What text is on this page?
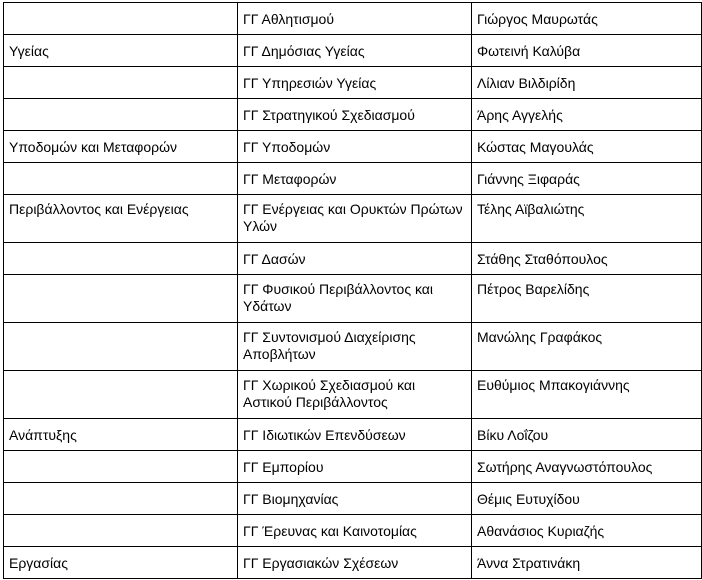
	ΓΓ Αθλητισμού	Γιώργος Μαυρωτάς

Υγείας	ΓΓ Δημόσιας Υγείας	Φωτεινή Καλύβα

	ΓΓ Υπηρεσιών Υγείας	Λίλιαν Βιλδιρίδη

	ΓΓ Στρατηγικού Σχεδιασμού	Άρης Αγγελής

Υποδομών και Μεταφορών	ΓΓ Υποδομών	Κώστας Μαγουλάς

	ΓΓ Μεταφορών	Γιάννης Ξιφαράς

Περιβάλλοντος και Ενέργειας	ΓΓ Ενέργειας και Ορυκτών Πρώτων Υλών	Τέλης Αϊβαλιώτης

	ΓΓ Δασών	Στάθης Σταθόπουλος

	ΓΓ Φυσικού Περιβάλλοντος και Υδάτων	Πέτρος Βαρελίδης

	ΓΓ Συντονισμού Διαχείρισης Αποβλήτων	Μανώλης Γραφάκος

	ΓΓ Χωρικού Σχεδιασμού και Αστικού Περιβάλλοντος	Ευθύμιος Μπακογιάννης

Ανάπτυξης	ΓΓ Ιδιωτικών Επενδύσεων	Βίκυ Λοΐζου

	ΓΓ Εμπορίου	Σωτήρης Αναγνωστόπουλος

	ΓΓ Βιομηχανίας	Θέμις Ευτυχίδου

	ΓΓ Έρευνας και Καινοτομίας	Αθανάσιος Κυριαζής

Εργασίας	ΓΓ Εργασιακών Σχέσεων	Άννα Στρατινάκη
